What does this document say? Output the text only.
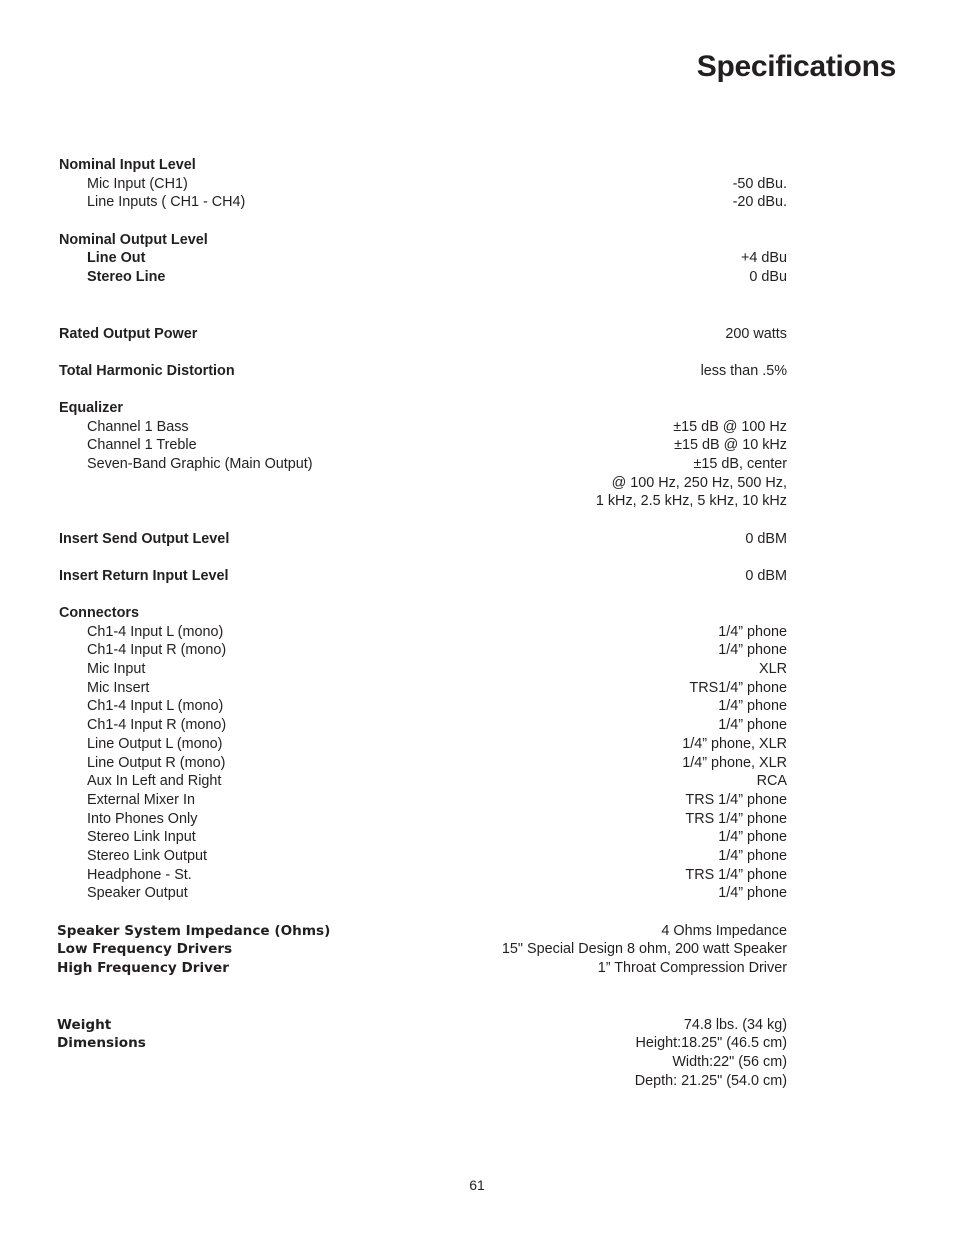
Specifications
Nominal Input Level
Mic Input (CH1)	-50 dBu.
Line Inputs ( CH1 - CH4)	-20 dBu.
Nominal Output Level
Line Out	+4 dBu
Stereo Line	0 dBu
Rated Output Power	200 watts
Total Harmonic Distortion	less than .5%
Equalizer
Channel 1 Bass	±15 dB @ 100 Hz
Channel 1 Treble	±15 dB @ 10 kHz
Seven-Band Graphic (Main Output)	±15 dB, center
@ 100 Hz, 250 Hz, 500 Hz,
1 kHz, 2.5 kHz, 5 kHz, 10 kHz
Insert Send Output Level	0 dBM
Insert Return Input Level	0 dBM
Connectors
Ch1-4 Input L (mono)	1/4” phone
Ch1-4 Input R (mono)	1/4” phone
Mic Input	XLR
Mic Insert	TRS1/4” phone
Ch1-4 Input L (mono)	1/4” phone
Ch1-4 Input R (mono)	1/4” phone
Line Output L (mono)	1/4” phone, XLR
Line Output R (mono)	1/4” phone, XLR
Aux In Left and Right	RCA
External Mixer In	TRS 1/4” phone
Into Phones Only	TRS 1/4” phone
Stereo Link Input	1/4” phone
Stereo Link Output	1/4” phone
Headphone - St.	TRS 1/4” phone
Speaker Output	1/4” phone
Speaker System Impedance (Ohms)	4 Ohms Impedance
Low Frequency Drivers	15" Special Design 8 ohm, 200 watt Speaker
High Frequency Driver	1” Throat Compression Driver
Weight	74.8 lbs. (34 kg)
Dimensions	Height:18.25" (46.5 cm)
Width:22" (56 cm)
Depth: 21.25" (54.0 cm)
61
